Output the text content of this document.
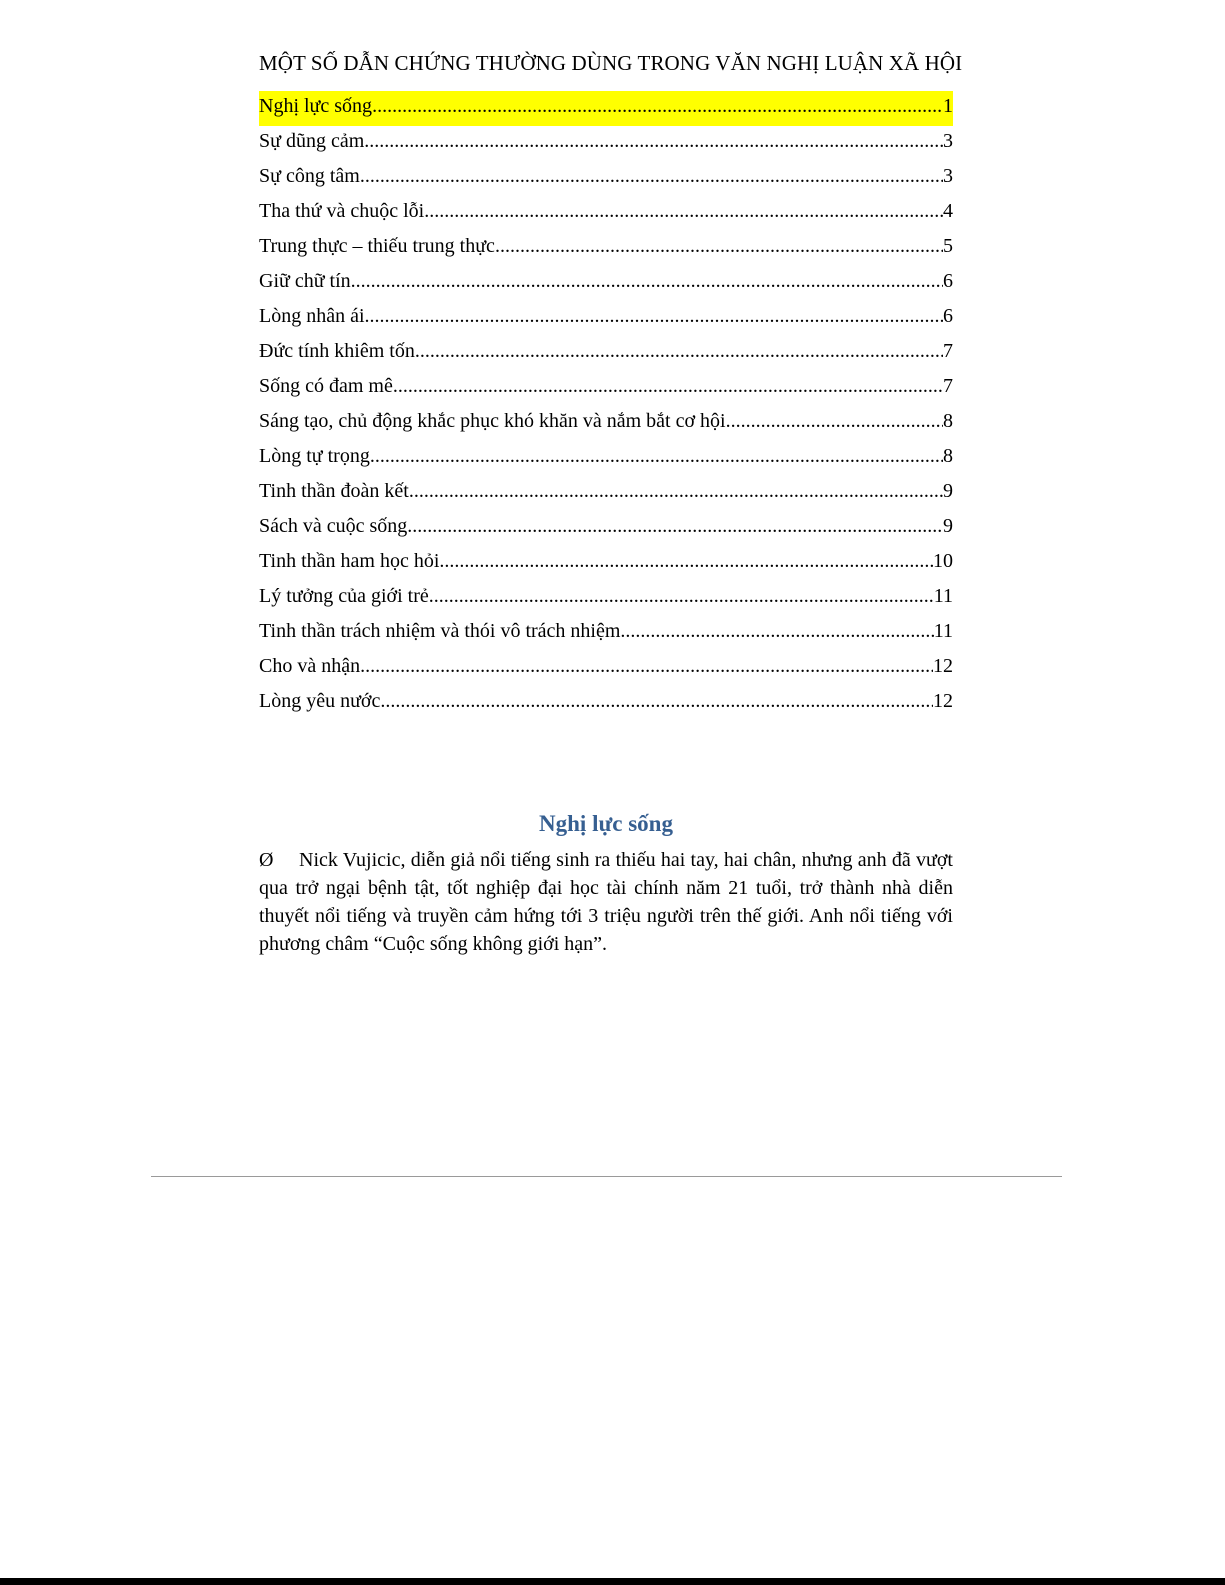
MỘT SỐ DẪN CHỨNG THƯỜNG DÙNG TRONG VĂN NGHỊ LUẬN XÃ HỘI
Nghị lực sống .....	1
Sự dũng cảm .....	3
Sự công tâm .....	3
Tha thứ và chuộc lỗi .....	4
Trung thực – thiếu trung thực .....	5
Giữ chữ tín .....	6
Lòng nhân ái .....	6
Đức tính khiêm tốn .....	7
Sống có đam mê .....	7
Sáng tạo, chủ động khắc phục khó khăn và nắm bắt cơ hội .....	8
Lòng tự trọng .....	8
Tinh thần đoàn kết .....	9
Sách và cuộc sống .....	9
Tinh thần ham học hỏi .....	10
Lý tưởng của giới trẻ .....	11
Tinh thần trách nhiệm và thói vô trách nhiệm .....	11
Cho và nhận .....	12
Lòng yêu nước .....	12
Nghị lực sống

Ø Nick Vujicic, diễn giả nổi tiếng sinh ra thiếu hai tay, hai chân, nhưng anh đã vượt qua trở ngại bệnh tật, tốt nghiệp đại học tài chính năm 21 tuổi, trở thành nhà diễn thuyết nổi tiếng và truyền cảm hứng tới 3 triệu người trên thế giới. Anh nổi tiếng với phương châm “Cuộc sống không giới hạn”.
